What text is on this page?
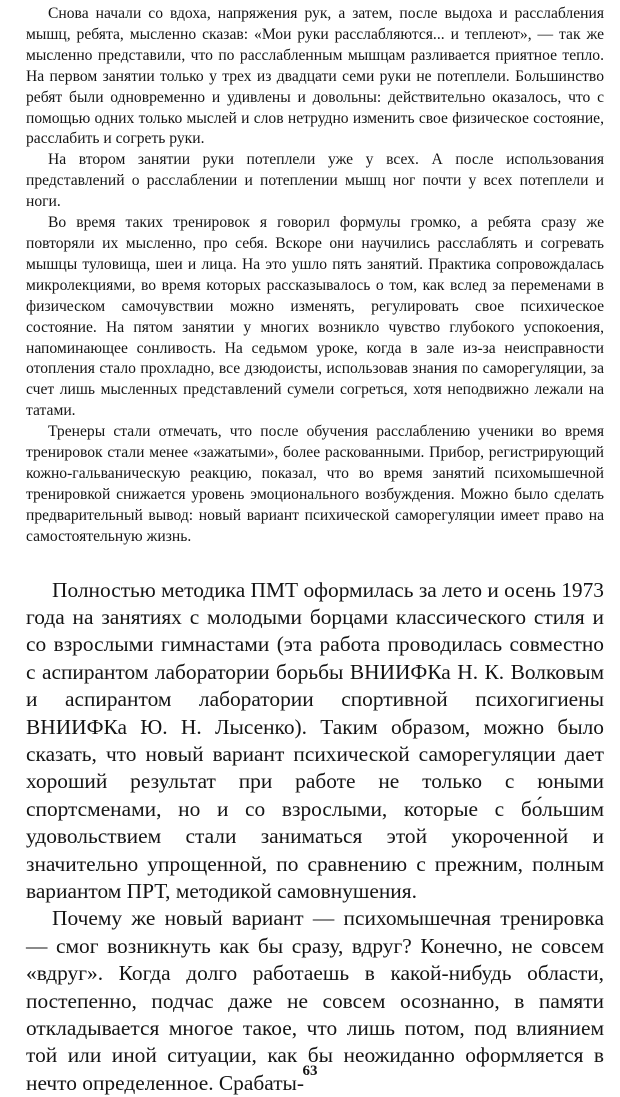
Снова начали со вдоха, напряжения рук, а затем, после выдоха и расслабления мышц, ребята, мысленно сказав: «Мои руки расслабляются... и теплеют», — так же мысленно представили, что по расслабленным мышцам разливается приятное тепло. На первом занятии только у трех из двадцати семи руки не потеплели. Большинство ребят были одновременно и удивлены и довольны: действительно оказалось, что с помощью одних только мыслей и слов нетрудно изменить свое физическое состояние, расслабить и согреть руки.

На втором занятии руки потеплели уже у всех. А после использования представлений о расслаблении и потеплении мышц ног почти у всех потеплели и ноги.

Во время таких тренировок я говорил формулы громко, а ребята сразу же повторяли их мысленно, про себя. Вскоре они научились расслаблять и согревать мышцы туловища, шеи и лица. На это ушло пять занятий. Практика сопровождалась микролекциями, во время которых рассказывалось о том, как вслед за переменами в физическом самочувствии можно изменять, регулировать свое психическое состояние. На пятом занятии у многих возникло чувство глубокого успокоения, напоминающее сонливость. На седьмом уроке, когда в зале из-за неисправности отопления стало прохладно, все дзюдоисты, использовав знания по саморегуляции, за счет лишь мысленных представлений сумели согреться, хотя неподвижно лежали на татами.

Тренеры стали отмечать, что после обучения расслаблению ученики во время тренировок стали менее «зажатыми», более раскованными. Прибор, регистрирующий кожно-гальваническую реакцию, показал, что во время занятий психомышечной тренировкой снижается уровень эмоционального возбуждения. Можно было сделать предварительный вывод: новый вариант психической саморегуляции имеет право на самостоятельную жизнь.

Полностью методика ПМТ оформилась за лето и осень 1973 года на занятиях с молодыми борцами классического стиля и со взрослыми гимнастами (эта работа проводилась совместно с аспирантом лаборатории борьбы ВНИИФКа Н. К. Волковым и аспирантом лаборатории спортивной психогигиены ВНИИФКа Ю. Н. Лысенко). Таким образом, можно было сказать, что новый вариант психической саморегуляции дает хороший результат при работе не только с юными спортсменами, но и со взрослыми, которые с бо́льшим удовольствием стали заниматься этой укороченной и значительно упрощенной, по сравнению с прежним, полным вариантом ПРТ, методикой самовнушения.

Почему же новый вариант — психомышечная тренировка — смог возникнуть как бы сразу, вдруг? Конечно, не совсем «вдруг». Когда долго работаешь в какой-нибудь области, постепенно, подчас даже не совсем осознанно, в памяти откладывается многое такое, что лишь потом, под влиянием той или иной ситуации, как бы неожиданно оформляется в нечто определенное. Срабаты-

63
